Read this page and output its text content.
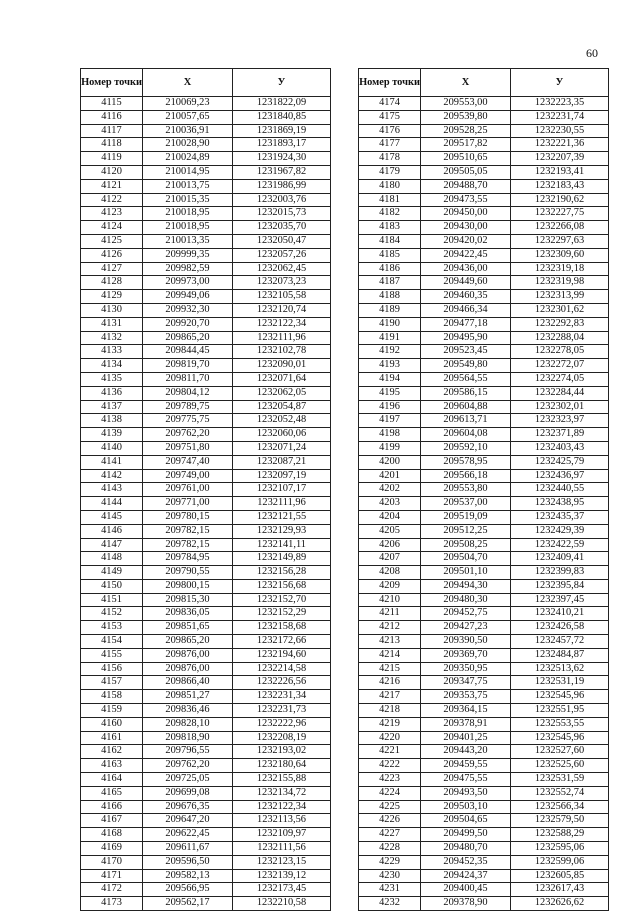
60
Номер точки	X	У
4115	210069,23	1231822,09
4116	210057,65	1231840,85
4117	210036,91	1231869,19
4118	210028,90	1231893,17
4119	210024,89	1231924,30
4120	210014,95	1231967,82
4121	210013,75	1231986,99
4122	210015,35	1232003,76
4123	210018,95	1232015,73
4124	210018,95	1232035,70
4125	210013,35	1232050,47
4126	209999,35	1232057,26
4127	209982,59	1232062,45
4128	209973,00	1232073,23
4129	209949,06	1232105,58
4130	209932,30	1232120,74
4131	209920,70	1232122,34
4132	209865,20	1232111,96
4133	209844,45	1232102,78
4134	209819,70	1232090,01
4135	209811,70	1232071,64
4136	209804,12	1232062,05
4137	209789,75	1232054,87
4138	209775,75	1232052,48
4139	209762,20	1232060,06
4140	209751,80	1232071,24
4141	209747,40	1232087,21
4142	209749,00	1232097,19
4143	209761,00	1232107,17
4144	209771,00	1232111,96
4145	209780,15	1232121,55
4146	209782,15	1232129,93
4147	209782,15	1232141,11
4148	209784,95	1232149,89
4149	209790,55	1232156,28
4150	209800,15	1232156,68
4151	209815,30	1232152,70
4152	209836,05	1232152,29
4153	209851,65	1232158,68
4154	209865,20	1232172,66
4155	209876,00	1232194,60
4156	209876,00	1232214,58
4157	209866,40	1232226,56
4158	209851,27	1232231,34
4159	209836,46	1232231,73
4160	209828,10	1232222,96
4161	209818,90	1232208,19
4162	209796,55	1232193,02
4163	209762,20	1232180,64
4164	209725,05	1232155,88
4165	209699,08	1232134,72
4166	209676,35	1232122,34
4167	209647,20	1232113,56
4168	209622,45	1232109,97
4169	209611,67	1232111,56
4170	209596,50	1232123,15
4171	209582,13	1232139,12
4172	209566,95	1232173,45
4173	209562,17	1232210,58
Номер точки	X	У
4174	209553,00	1232223,35
4175	209539,80	1232231,74
4176	209528,25	1232230,55
4177	209517,82	1232221,36
4178	209510,65	1232207,39
4179	209505,05	1232193,41
4180	209488,70	1232183,43
4181	209473,55	1232190,62
4182	209450,00	1232227,75
4183	209430,00	1232266,08
4184	209420,02	1232297,63
4185	209422,45	1232309,60
4186	209436,00	1232319,18
4187	209449,60	1232319,98
4188	209460,35	1232313,99
4189	209466,34	1232301,62
4190	209477,18	1232292,83
4191	209495,90	1232288,04
4192	209523,45	1232278,05
4193	209549,80	1232272,07
4194	209564,55	1232274,05
4195	209586,15	1232284,44
4196	209604,88	1232302,01
4197	209613,71	1232323,97
4198	209604,08	1232371,89
4199	209592,10	1232403,43
4200	209578,95	1232425,79
4201	209566,18	1232436,97
4202	209553,80	1232440,55
4203	209537,00	1232438,95
4204	209519,09	1232435,37
4205	209512,25	1232429,39
4206	209508,25	1232422,59
4207	209504,70	1232409,41
4208	209501,10	1232399,83
4209	209494,30	1232395,84
4210	209480,30	1232397,45
4211	209452,75	1232410,21
4212	209427,23	1232426,58
4213	209390,50	1232457,72
4214	209369,70	1232484,87
4215	209350,95	1232513,62
4216	209347,75	1232531,19
4217	209353,75	1232545,96
4218	209364,15	1232551,95
4219	209378,91	1232553,55
4220	209401,25	1232545,96
4221	209443,20	1232527,60
4222	209459,55	1232525,60
4223	209475,55	1232531,59
4224	209493,50	1232552,74
4225	209503,10	1232566,34
4226	209504,65	1232579,50
4227	209499,50	1232588,29
4228	209480,70	1232595,06
4229	209452,35	1232599,06
4230	209424,37	1232605,85
4231	209400,45	1232617,43
4232	209378,90	1232626,62
